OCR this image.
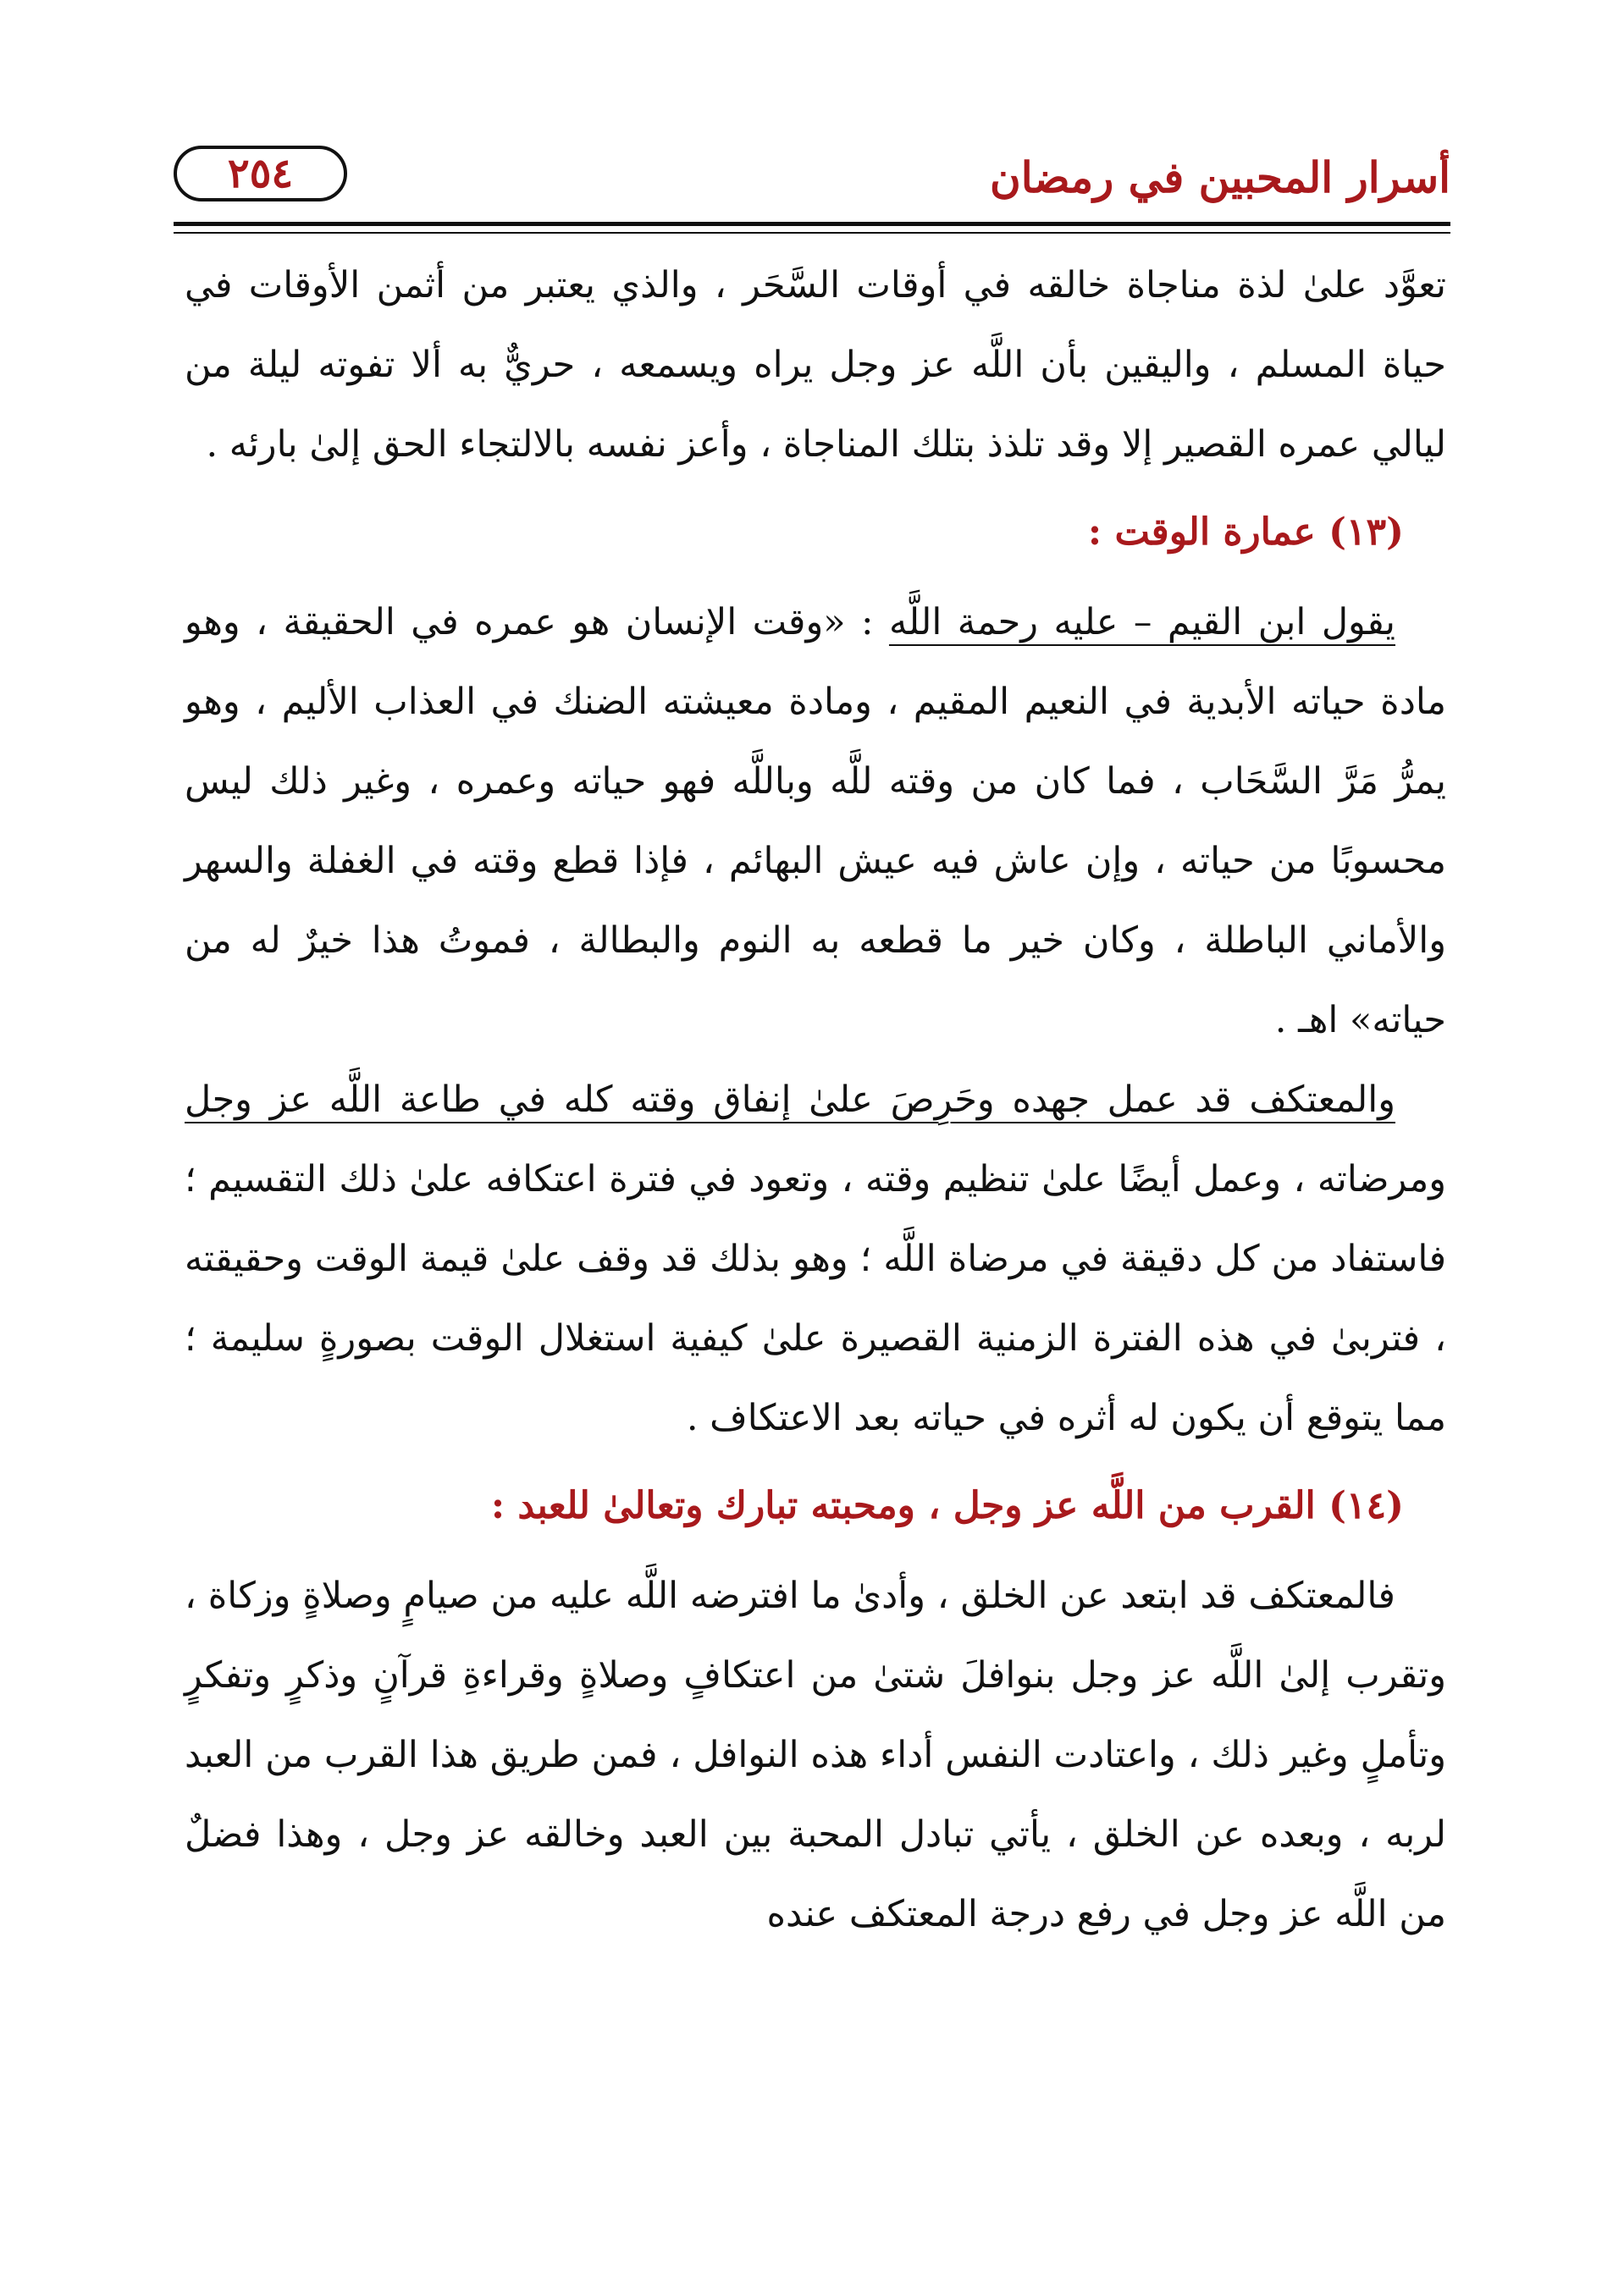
أسرار المحبين في رمضان
٢٥٤

تعوَّد علىٰ لذة مناجاة خالقه في أوقات السَّحَر ، والذي يعتبر من أثمن الأوقات في حياة المسلم ، واليقين بأن اللَّه عز وجل يراه ويسمعه ، حريٌّ به ألا تفوته ليلة من ليالي عمره القصير إلا وقد تلذذ بتلك المناجاة ، وأعز نفسه بالالتجاء الحق إلىٰ بارئه .

(١٣) عمارة الوقت :

يقول ابن القيم – عليه رحمة اللَّه : «وقت الإنسان هو عمره في الحقيقة ، وهو مادة حياته الأبدية في النعيم المقيم ، ومادة معيشته الضنك في العذاب الأليم ، وهو يمرُّ مَرَّ السَّحَاب ، فما كان من وقته للَّه وباللَّه فهو حياته وعمره ، وغير ذلك ليس محسوبًا من حياته ، وإن عاش فيه عيش البهائم ، فإذا قطع وقته في الغفلة والسهر والأماني الباطلة ، وكان خير ما قطعه به النوم والبطالة ، فموتُ هذا خيرٌ له من حياته» اهـ .

والمعتكف قد عمل جهده وحَرِصَ علىٰ إنفاق وقته كله في طاعة اللَّه عز وجل ومرضاته ، وعمل أيضًا علىٰ تنظيم وقته ، وتعود في فترة اعتكافه علىٰ ذلك التقسيم ؛ فاستفاد من كل دقيقة في مرضاة اللَّه ؛ وهو بذلك قد وقف علىٰ قيمة الوقت وحقيقته ، فتربىٰ في هذه الفترة الزمنية القصيرة علىٰ كيفية استغلال الوقت بصورةٍ سليمة ؛ مما يتوقع أن يكون له أثره في حياته بعد الاعتكاف .

(١٤) القرب من اللَّه عز وجل ، ومحبته تبارك وتعالىٰ للعبد :

فالمعتكف قد ابتعد عن الخلق ، وأدىٰ ما افترضه اللَّه عليه من صيامٍ وصلاةٍ وزكاة ، وتقرب إلىٰ اللَّه عز وجل بنوافلَ شتىٰ من اعتكافٍ وصلاةٍ وقراءةِ قرآنٍ وذكرٍ وتفكرٍ وتأملٍ وغير ذلك ، واعتادت النفس أداء هذه النوافل ، فمن طريق هذا القرب من العبد لربه ، وبعده عن الخلق ، يأتي تبادل المحبة بين العبد وخالقه عز وجل ، وهذا فضلٌ من اللَّه عز وجل في رفع درجة المعتكف عنده
